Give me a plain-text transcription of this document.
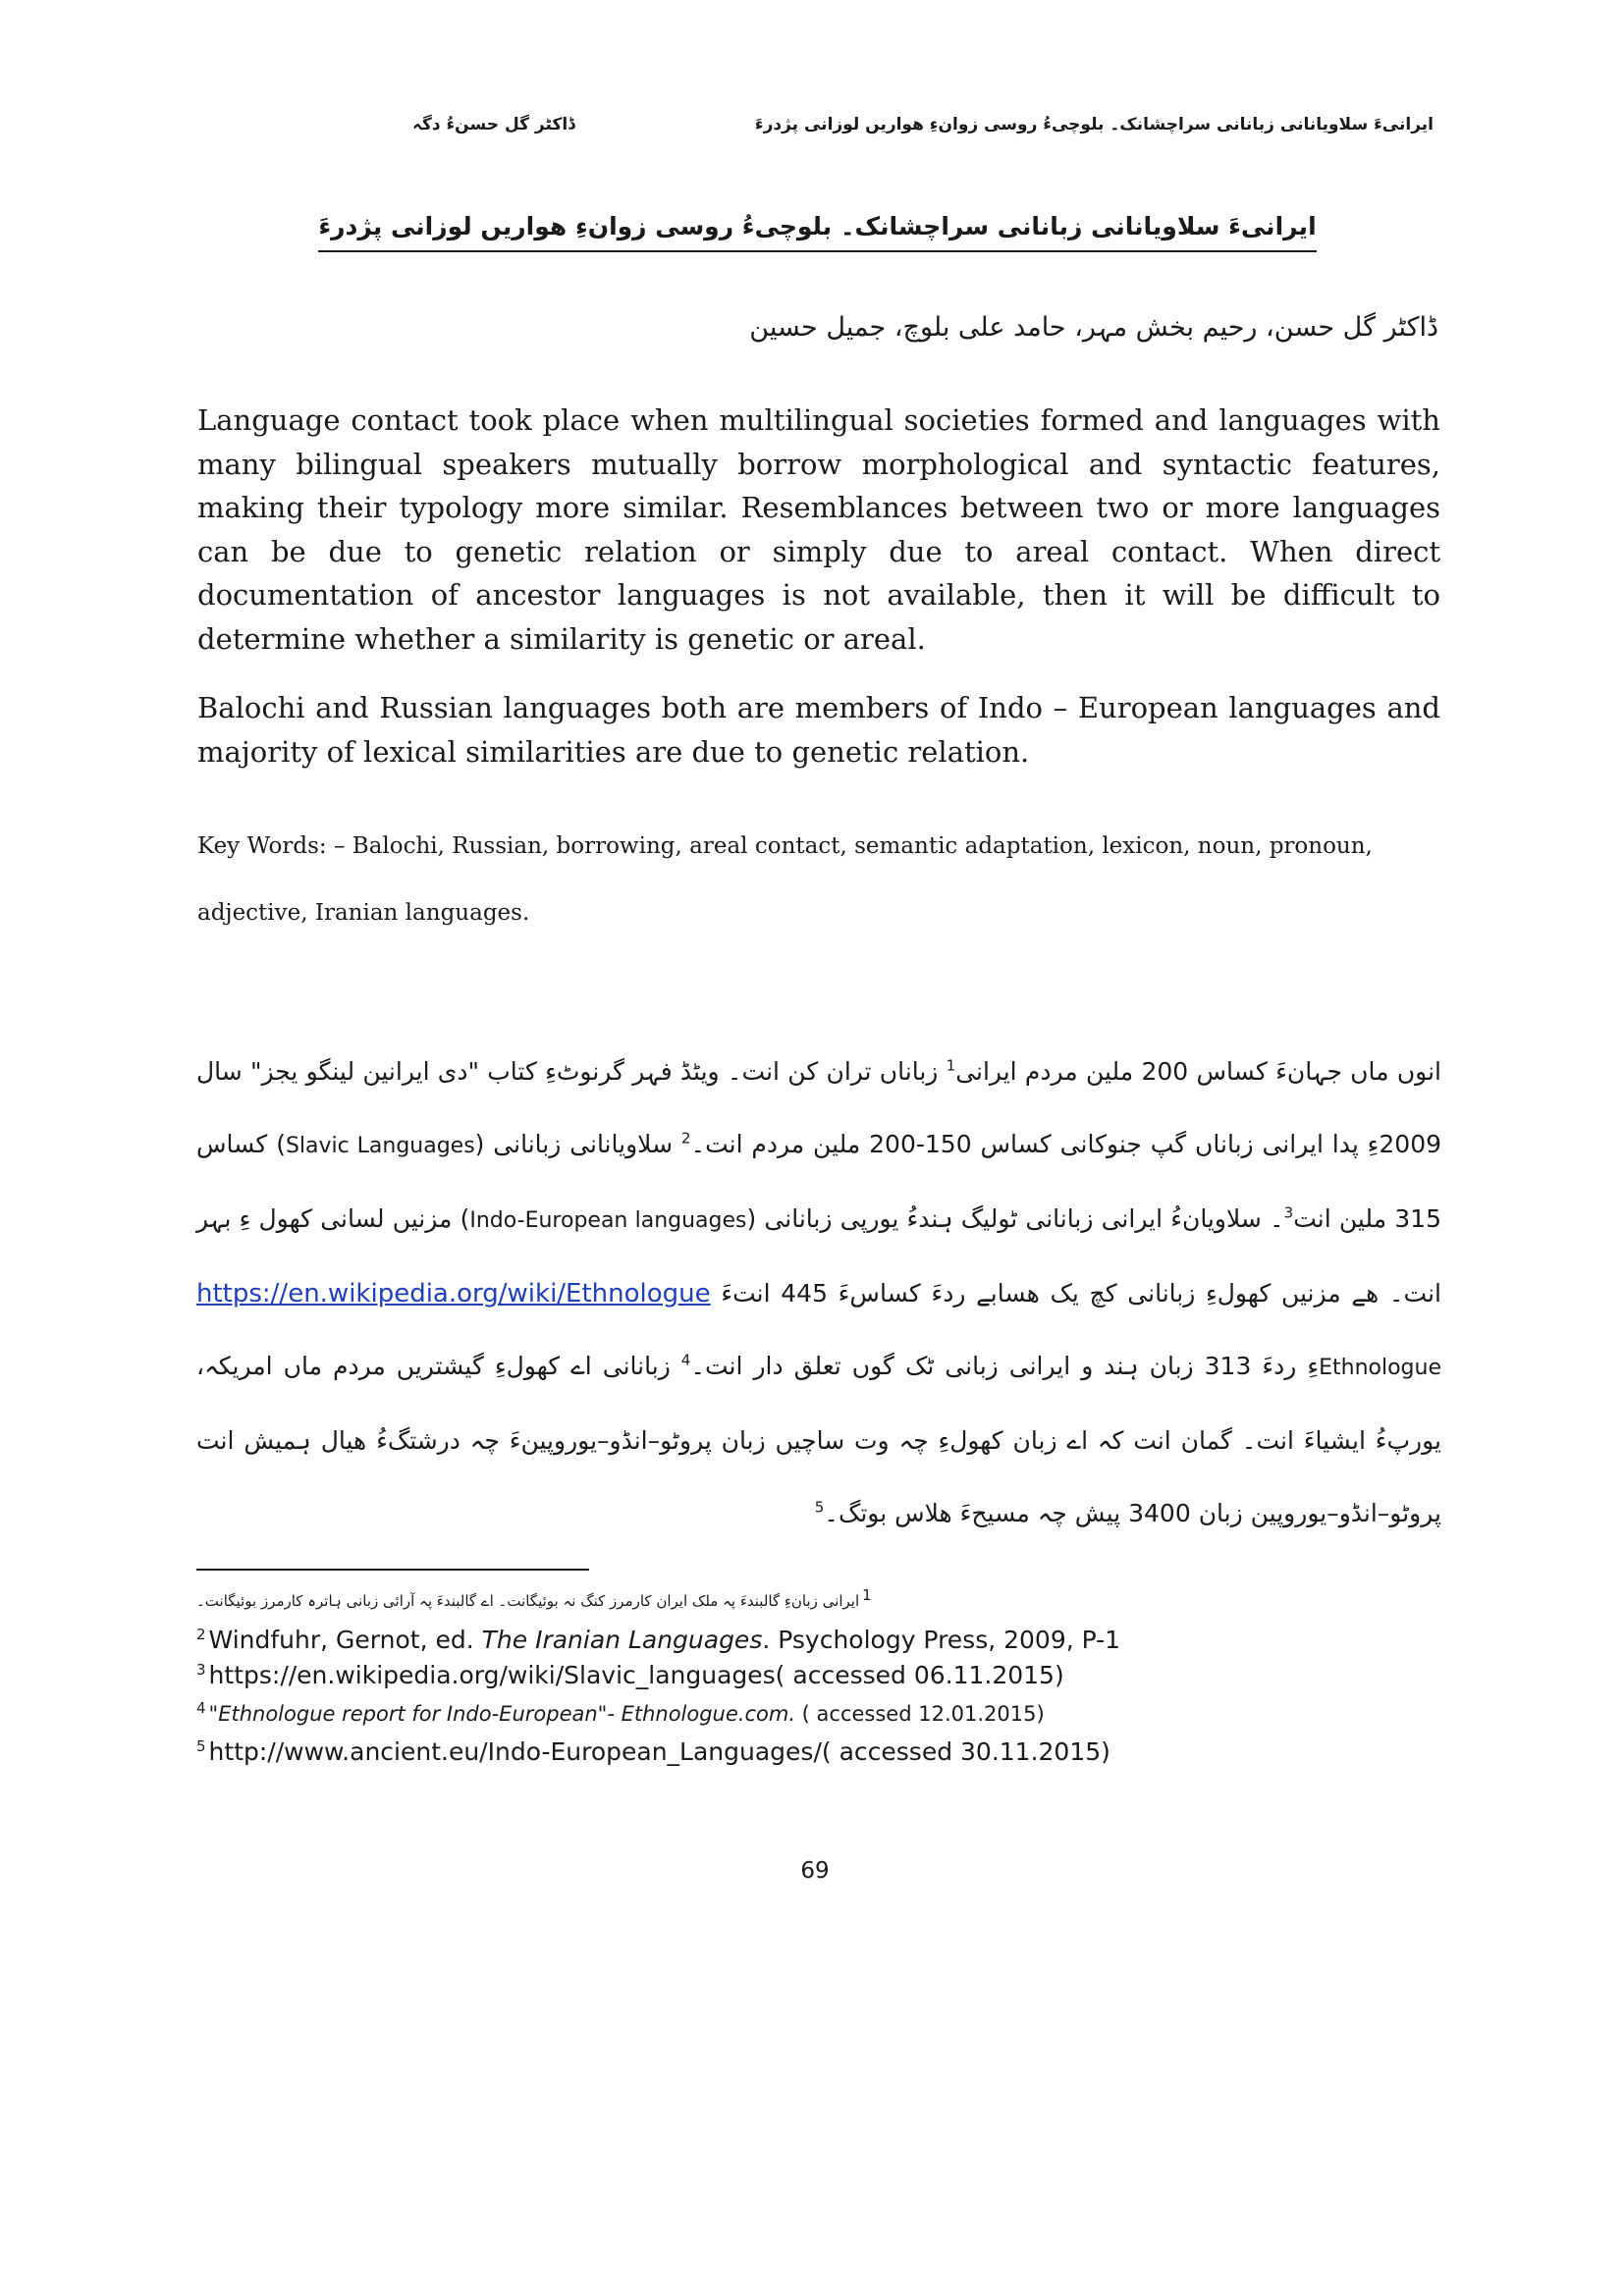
ایرانیءَ سلاویانانی زبانانی سراچشانک۔ بلوچیءُ روسی زوانءِ ھواریں لوزانی پژدرءَ
ڈاکٹر گل حسنءُ دگہ
ایرانیءَ سلاویانانی زبانانی سراچشانک۔ بلوچیءُ روسی زوانءِ ھواریں لوزانی پژدرءَ
ڈاکٹر گل حسن، رحیم بخش مہر، حامد علی بلوچ، جمیل حسین

Language contact took place when multilingual societies formed and languages with many bilingual speakers mutually borrow morphological and syntactic features, making their typology more similar. Resemblances between two or more languages can be due to genetic relation or simply due to areal contact. When direct documentation of ancestor languages is not available, then it will be difficult to determine whether a similarity is genetic or areal.

Balochi and Russian languages both are members of Indo – European languages and majority of lexical similarities are due to genetic relation.

Key Words: – Balochi, Russian, borrowing, areal contact, semantic adaptation, lexicon, noun, pronoun, adjective, Iranian languages.

انوں ماں جہانءَ کساس 200 ملین مردم ایرانی$^1$ زباناں تران کن انت۔ ویٹڈ فہر گرنوٹءِ کتاب "دی ایرانین لینگو یجز" سال 2009ءِ پدا ایرانی زباناں گپ جنوکانی کساس 150-200 ملین مردم انت۔$^2$ سلاویانانی زبانانی (Slavic Languages) کساس 315 ملین انت$^3$۔ سلاویانءُ ایرانی زبانانی ٹولیگ ہندءُ یورپی زبانانی (Indo-European languages) مزنیں لسانی کھول ءِ بہر انت۔ ھے مزنیں کھولءِ زبانانی کچ یک ھسابے ردءَ کساسءَ 445 انتءَ https://en.wikipedia.org/wiki/Ethnologue Ethnologueءِ ردءَ 313 زبان ہند و ایرانی زبانی ٹک گوں تعلق دار انت۔$^4$ زبانانی اے کھولءِ گیشتریں مردم ماں امریکہ، یورپءُ ایشیاءَ انت۔ گمان انت کہ اے زبان کھولءِ چہ وت ساچیں زبان پروٹو–انڈو–یوروپینءَ چہ درشتگءُ ھیال ہمیش انت پروٹو–انڈو–یوروپین زبان 3400 پیش چہ مسیحءَ ھلاس بوتگ۔$^5$

1ایرانی زبانءِ گالبندءَ پہ ملک ایران کارمرز کنگ نہ بوئیگانت۔ اے گالبندءَ پہ آرائی زبانی ہاترہ کارمرز بوئیگانت۔
$^2$ Windfuhr, Gernot, ed. The Iranian Languages. Psychology Press, 2009, P-1
$^3$ https://en.wikipedia.org/wiki/Slavic_languages( accessed 06.11.2015)
$^4$ "Ethnologue report for Indo-European"- Ethnologue.com. ( accessed 12.01.2015)
$^5$ http://www.ancient.eu/Indo-European_Languages/( accessed 30.11.2015)
69
